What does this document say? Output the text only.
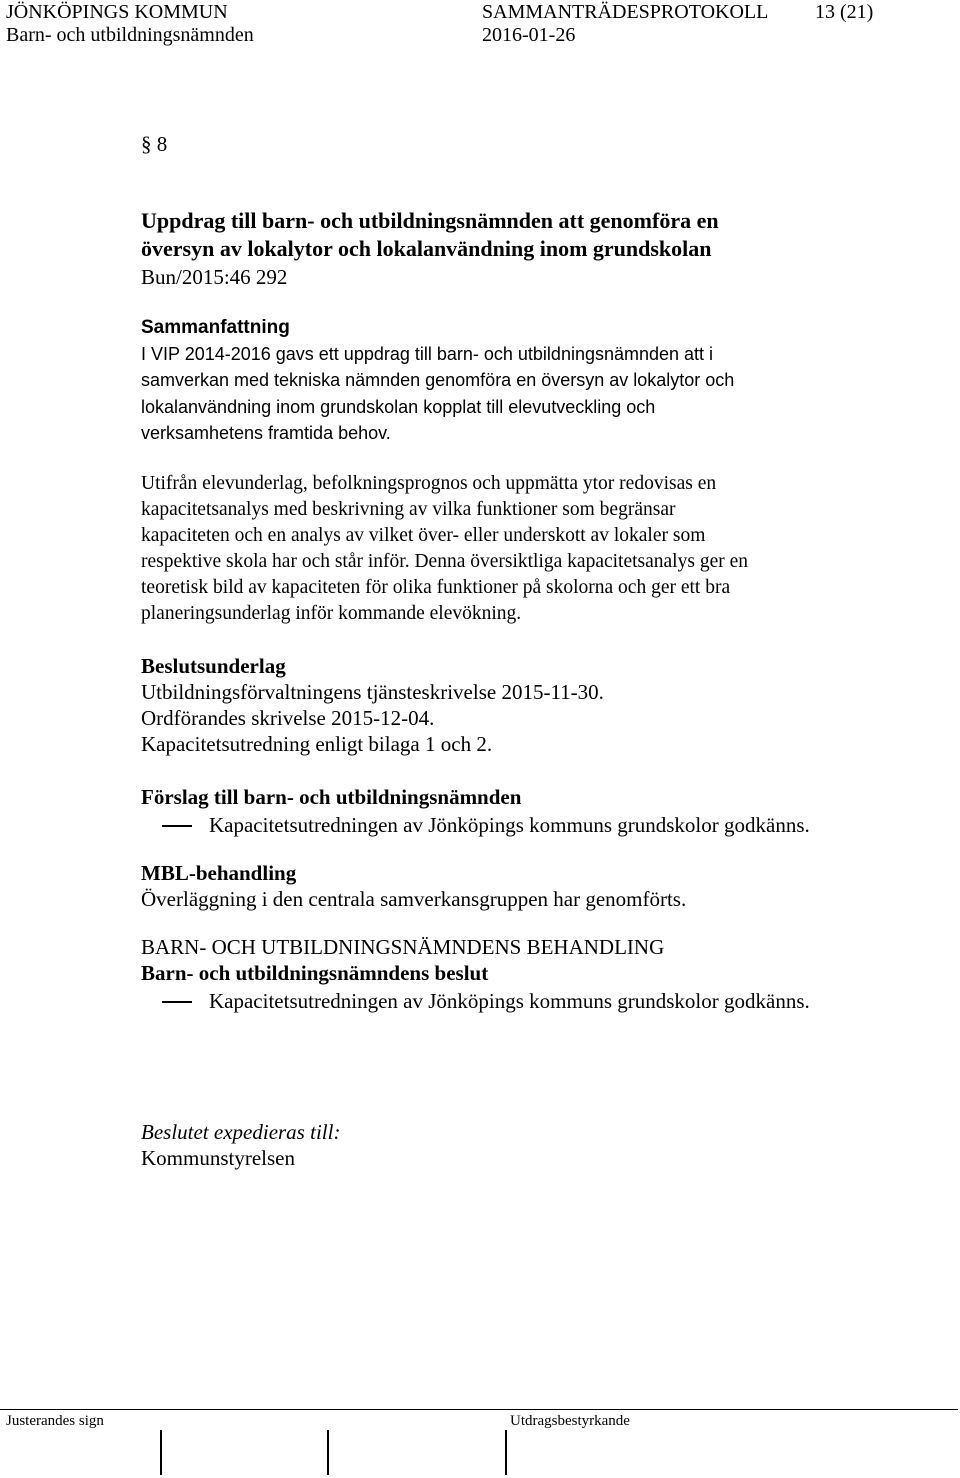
JÖNKÖPINGS KOMMUN	SAMMANTRÄDESPROTOKOLL 13 (21)
Barn- och utbildningsnämnden	2016-01-26
§ 8
Uppdrag till barn- och utbildningsnämnden att genomföra en
översyn av lokalytor och lokalanvändning inom grundskolan
Bun/2015:46 292
Sammanfattning
I VIP 2014-2016 gavs ett uppdrag till barn- och utbildningsnämnden att i
samverkan med tekniska nämnden genomföra en översyn av lokalytor och
lokalanvändning inom grundskolan kopplat till elevutveckling och
verksamhetens framtida behov.
Utifrån elevunderlag, befolkningsprognos och uppmätta ytor redovisas en
kapacitetsanalys med beskrivning av vilka funktioner som begränsar
kapaciteten och en analys av vilket över- eller underskott av lokaler som
respektive skola har och står inför. Denna översiktliga kapacitetsanalys ger en
teoretisk bild av kapaciteten för olika funktioner på skolorna och ger ett bra
planeringsunderlag inför kommande elevökning.
Beslutsunderlag
Utbildningsförvaltningens tjänsteskrivelse 2015-11-30.
Ordförandes skrivelse 2015-12-04.
Kapacitetsutredning enligt bilaga 1 och 2.
Förslag till barn- och utbildningsnämnden
Kapacitetsutredningen av Jönköpings kommuns grundskolor godkänns.
MBL-behandling
Överläggning i den centrala samverkansgruppen har genomförts.
BARN- OCH UTBILDNINGSNÄMNDENS BEHANDLING
Barn- och utbildningsnämndens beslut
Kapacitetsutredningen av Jönköpings kommuns grundskolor godkänns.
Beslutet expedieras till:
Kommunstyrelsen
Justerandes sign	Utdragsbestyrkande
